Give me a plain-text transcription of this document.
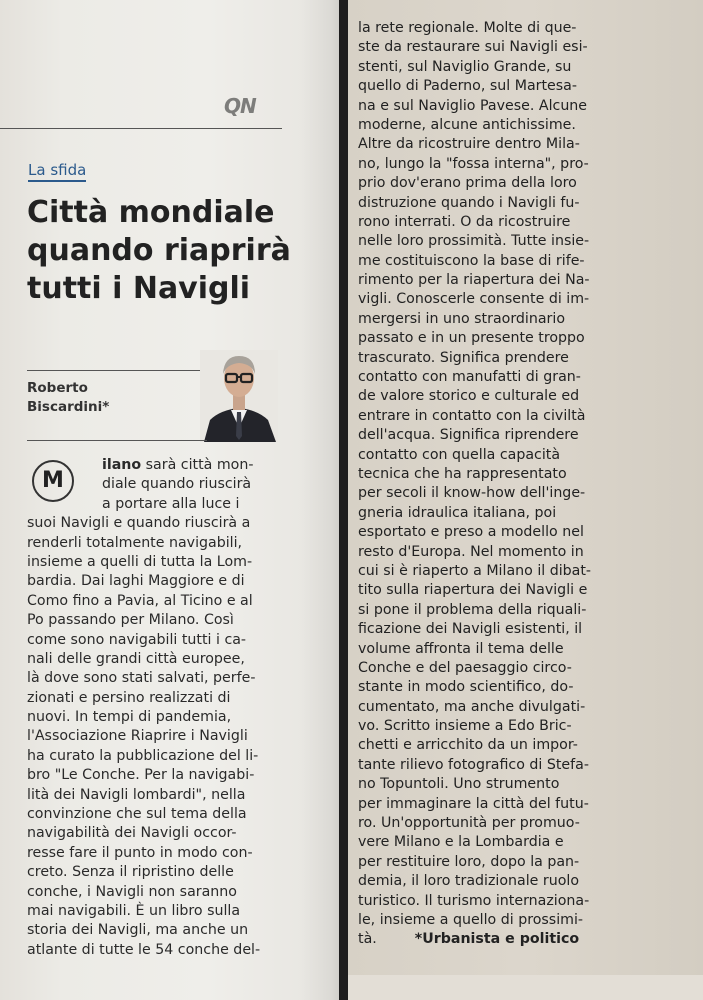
QN
La sfida
Città mondiale
quando riaprirà
tutti i Navigli
Roberto
Biscardini*
M
ilano sarà città mon-
diale quando riuscirà
a portare alla luce i
suoi Navigli e quando riuscirà a
renderli totalmente navigabili,
insieme a quelli di tutta la Lom-
bardia. Dai laghi Maggiore e di
Como fino a Pavia, al Ticino e al
Po passando per Milano. Così
come sono navigabili tutti i ca-
nali delle grandi città europee,
là dove sono stati salvati, perfe-
zionati e persino realizzati di
nuovi. In tempi di pandemia,
l'Associazione Riaprire i Navigli
ha curato la pubblicazione del li-
bro "Le Conche. Per la navigabi-
lità dei Navigli lombardi", nella
convinzione che sul tema della
navigabilità dei Navigli occor-
resse fare il punto in modo con-
creto. Senza il ripristino delle
conche, i Navigli non saranno
mai navigabili. È un libro sulla
storia dei Navigli, ma anche un
atlante di tutte le 54 conche del-
la rete regionale. Molte di que-
ste da restaurare sui Navigli esi-
stenti, sul Naviglio Grande, su
quello di Paderno, sul Martesa-
na e sul Naviglio Pavese. Alcune
moderne, alcune antichissime.
Altre da ricostruire dentro Mila-
no, lungo la "fossa interna", pro-
prio dov'erano prima della loro
distruzione quando i Navigli fu-
rono interrati. O da ricostruire
nelle loro prossimità. Tutte insie-
me costituiscono la base di rife-
rimento per la riapertura dei Na-
vigli. Conoscerle consente di im-
mergersi in uno straordinario
passato e in un presente troppo
trascurato. Significa prendere
contatto con manufatti di gran-
de valore storico e culturale ed
entrare in contatto con la civiltà
dell'acqua. Significa riprendere
contatto con quella capacità
tecnica che ha rappresentato
per secoli il know-how dell'inge-
gneria idraulica italiana, poi
esportato e preso a modello nel
resto d'Europa. Nel momento in
cui si è riaperto a Milano il dibat-
tito sulla riapertura dei Navigli e
si pone il problema della riquali-
ficazione dei Navigli esistenti, il
volume affronta il tema delle
Conche e del paesaggio circo-
stante in modo scientifico, do-
cumentato, ma anche divulgati-
vo. Scritto insieme a Edo Bric-
chetti e arricchito da un impor-
tante rilievo fotografico di Stefa-
no Topuntoli. Uno strumento
per immaginare la città del futu-
ro. Un'opportunità per promuo-
vere Milano e la Lombardia e
per restituire loro, dopo la pan-
demia, il loro tradizionale ruolo
turistico. Il turismo internaziona-
le, insieme a quello di prossimi-
tà.	*Urbanista e politico
